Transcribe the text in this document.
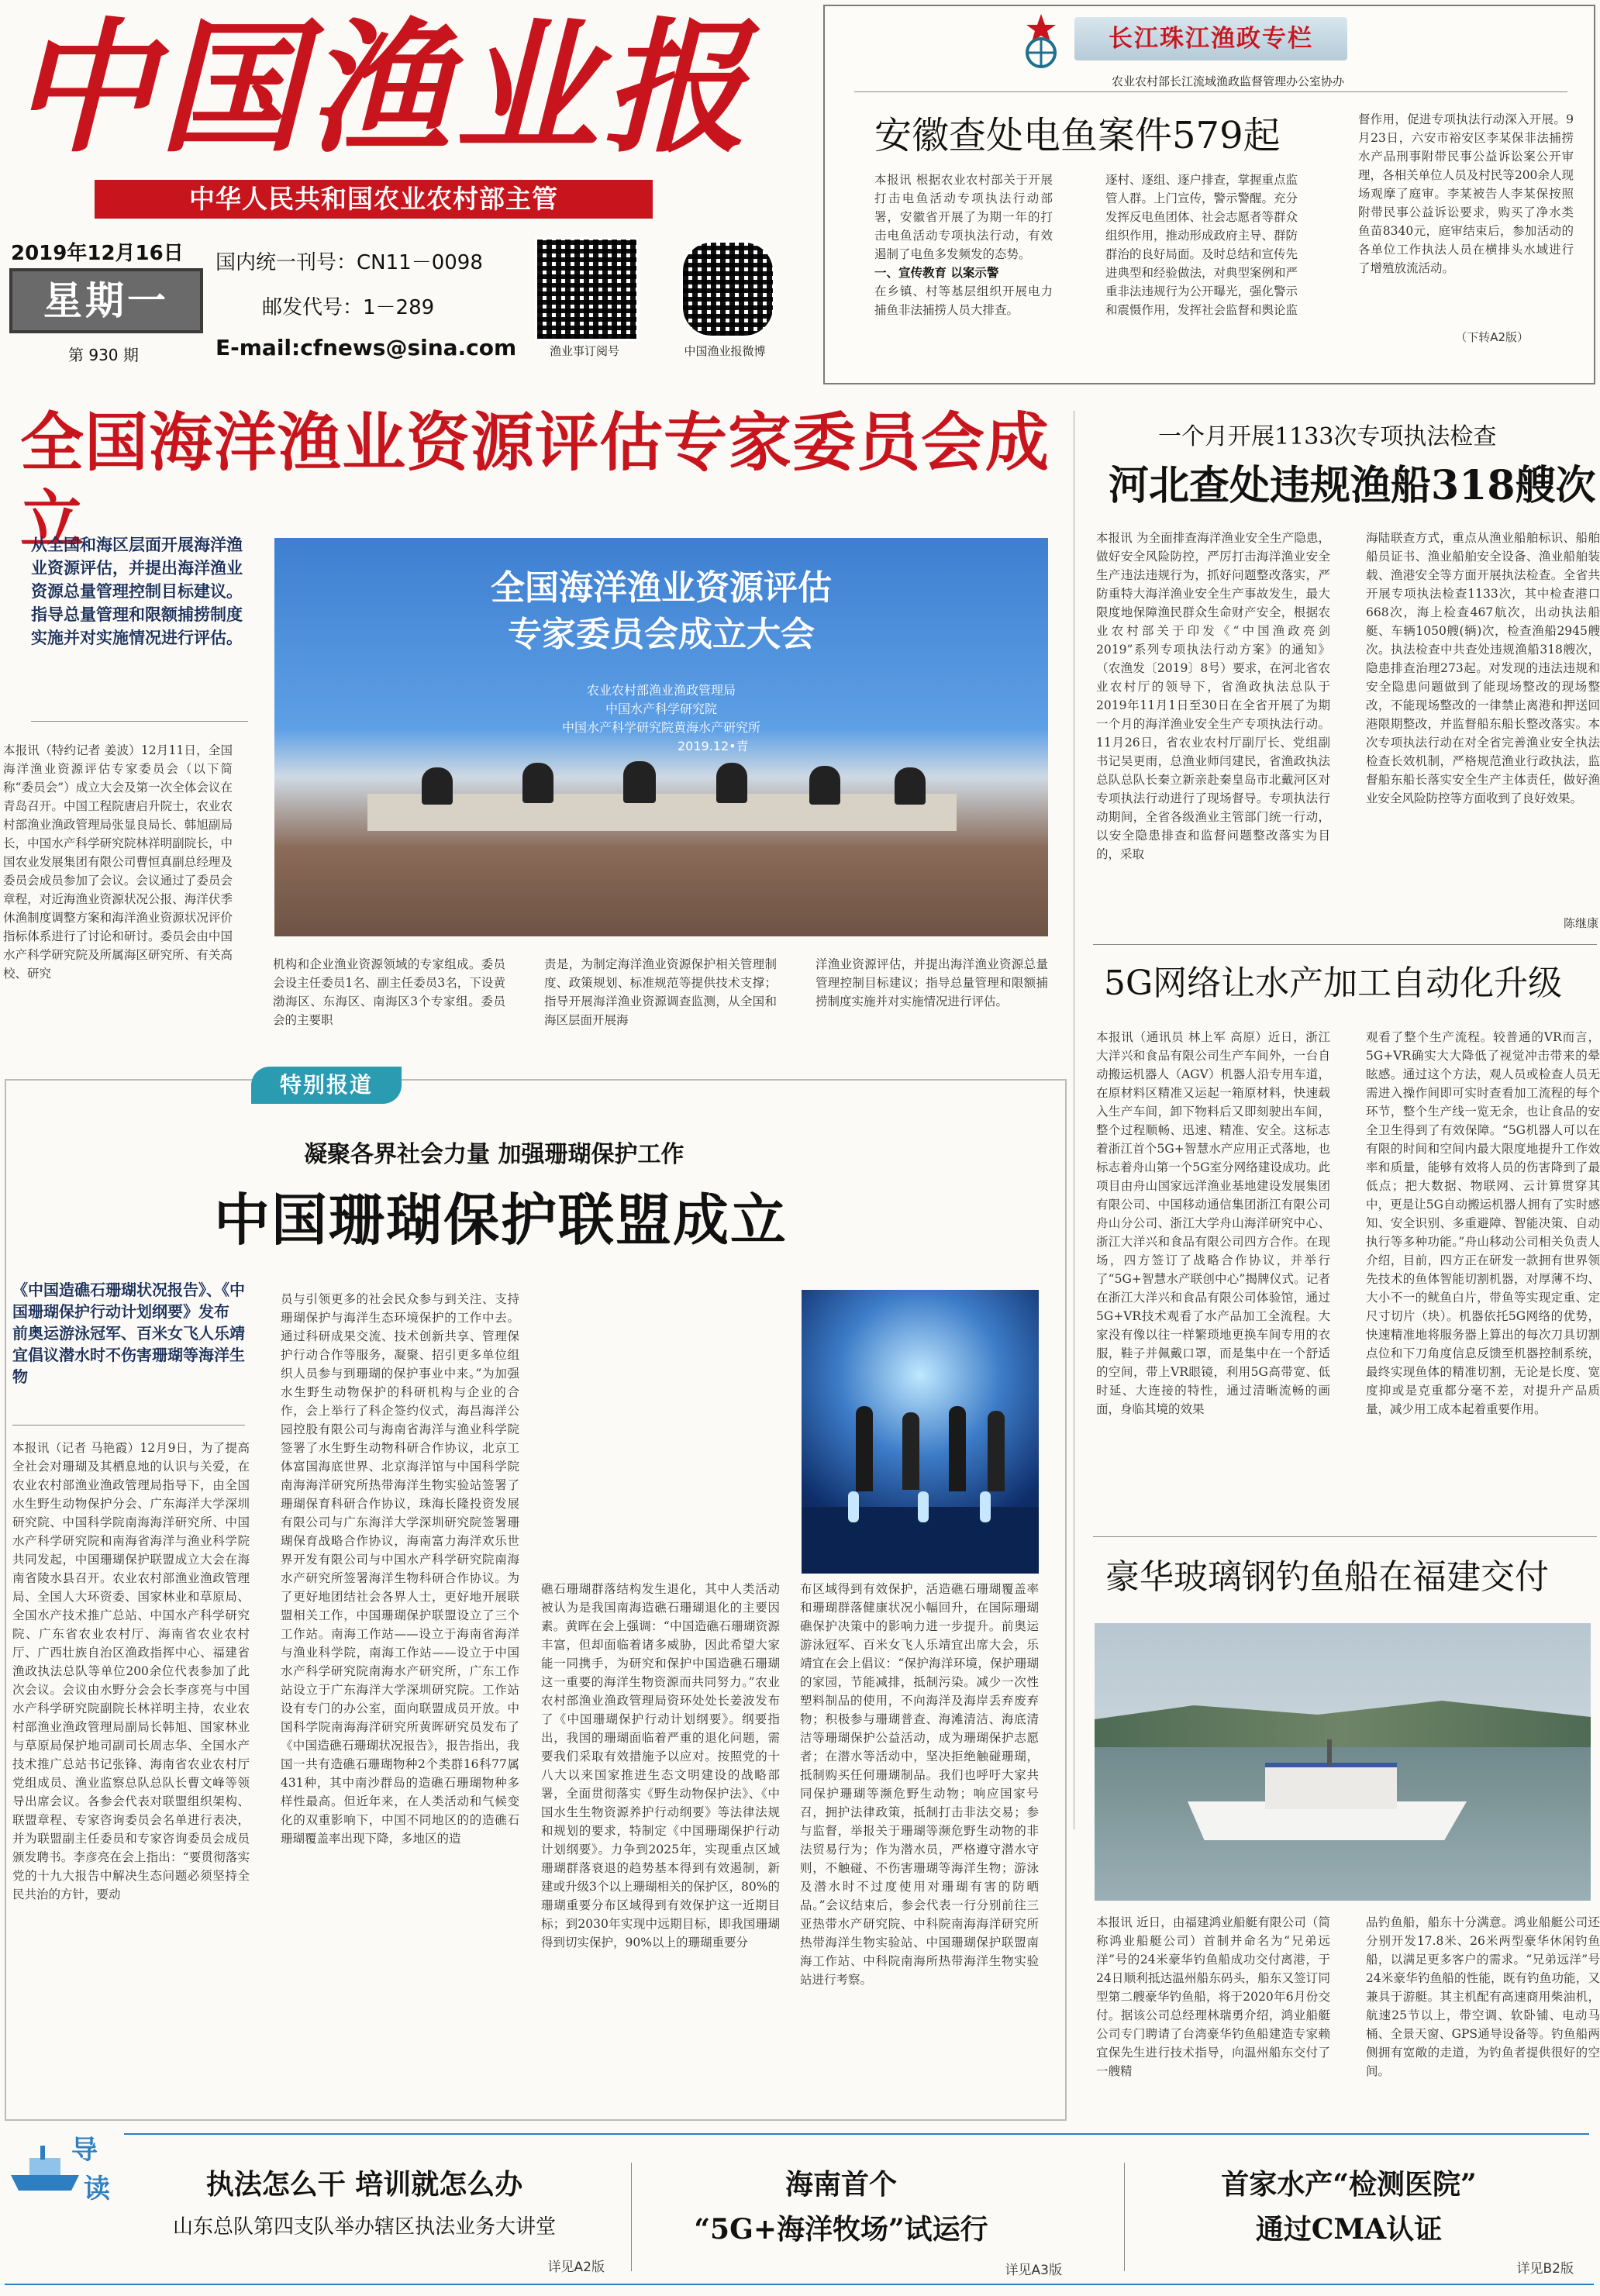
中国渔业报
中华人民共和国农业农村部主管
2019年12月16日
星期一
第 930 期
国内统一刊号：CN11－0098
邮发代号：1－289
E-mail:cfnews@sina.com	渔业事订阅号	中国渔业报微博
长江珠江渔政专栏
农业农村部长江流域渔政监督管理办公室协办
安徽查处电鱼案件579起
本报讯 根据农业农村部关于开展打击电鱼活动专项执法行动部署，安徽省开展了为期一年的打击电鱼活动专项执法行动，有效遏制了电鱼多发频发的态势。
一、宣传教育 以案示警
在乡镇、村等基层组织开展电力捕鱼非法捕捞人员大排查。
逐村、逐组、逐户排查，掌握重点监管人群。上门宣传，警示警醒。充分发挥反电鱼团体、社会志愿者等群众组织作用，推动形成政府主导、群防群治的良好局面。及时总结和宣传先进典型和经验做法，对典型案例和严重非法违规行为公开曝光，强化警示和震慑作用，发挥社会监督和舆论监
督作用，促进专项执法行动深入开展。9月23日，六安市裕安区李某保非法捕捞水产品刑事附带民事公益诉讼案公开审理，各相关单位人员及村民等200余人现场观摩了庭审。李某被告人李某保按照附带民事公益诉讼要求，购买了净水类鱼苗8340元，庭审结束后，参加活动的各单位工作执法人员在横排头水域进行了增殖放流活动。
（下转A2版）
全国海洋渔业资源评估专家委员会成立
从全国和海区层面开展海洋渔业资源评估，并提出海洋渔业资源总量管理控制目标建议。指导总量管理和限额捕捞制度实施并对实施情况进行评估。
全国海洋渔业资源评估
专家委员会成立大会
农业农村部渔业渔政管理局
中国水产科学研究院
中国水产科学研究院黄海水产研究所
2019.12•青
本报讯（特约记者 姜波）12月11日，全国海洋渔业资源评估专家委员会（以下简称“委员会”）成立大会及第一次全体会议在青岛召开。中国工程院唐启升院士，农业农村部渔业渔政管理局张显良局长、韩旭副局长，中国水产科学研究院林祥明副院长，中国农业发展集团有限公司曹恒真副总经理及委员会成员参加了会议。会议通过了委员会章程，对近海渔业资源状况公报、海洋伏季休渔制度调整方案和海洋渔业资源状况评价指标体系进行了讨论和研讨。委员会由中国水产科学研究院及所属海区研究所、有关高校、研究
机构和企业渔业资源领域的专家组成。委员会设主任委员1名、副主任委员3名，下设黄渤海区、东海区、南海区3个专家组。委员会的主要职
责是，为制定海洋渔业资源保护相关管理制度、政策规划、标准规范等提供技术支撑；指导开展海洋渔业资源调查监测，从全国和海区层面开展海
洋渔业资源评估，并提出海洋渔业资源总量管理控制目标建议；指导总量管理和限额捕捞制度实施并对实施情况进行评估。
一个月开展1133次专项执法检查
河北查处违规渔船318艘次
本报讯 为全面排查海洋渔业安全生产隐患，做好安全风险防控，严厉打击海洋渔业安全生产违法违规行为，抓好问题整改落实，严防重特大海洋渔业安全生产事故发生，最大限度地保障渔民群众生命财产安全，根据农业农村部关于印发《“中国渔政亮剑2019”系列专项执法行动方案》的通知》（农渔发〔2019〕8号）要求，在河北省农业农村厅的领导下，省渔政执法总队于2019年11月1日至30日在全省开展了为期一个月的海洋渔业安全生产专项执法行动。11月26日，省农业农村厅副厅长、党组副书记吴更雨，总渔业师闫建民，省渔政执法总队总队长秦立新亲赴秦皇岛市北戴河区对专项执法行动进行了现场督导。专项执法行动期间，全省各级渔业主管部门统一行动，以安全隐患排查和监督问题整改落实为目的，采取
海陆联查方式，重点从渔业船舶标识、船舶船员证书、渔业船舶安全设备、渔业船舶装载、渔港安全等方面开展执法检查。全省共开展专项执法检查1133次，其中检查港口668次，海上检查467航次，出动执法船艇、车辆1050艘(辆)次，检查渔船2945艘次。执法检查中共查处违规渔船318艘次，隐患排查治理273起。对发现的违法违规和安全隐患问题做到了能现场整改的现场整改，不能现场整改的一律禁止离港和押送回港限期整改，并监督船东船长整改落实。本次专项执法行动在对全省完善渔业安全执法检查长效机制，严格规范渔业行政执法，监督船东船长落实安全生产主体责任，做好渔业安全风险防控等方面收到了良好效果。
陈继康
5G网络让水产加工自动化升级
本报讯（通讯员 林上军 高原）近日，浙江大洋兴和食品有限公司生产车间外，一台自动搬运机器人（AGV）机器人沿专用车道，在原材料区精准又运起一箱原材料，快速载入生产车间，卸下物料后又即刻驶出车间，整个过程顺畅、迅速、精准、安全。这标志着浙江首个5G+智慧水产应用正式落地，也标志着舟山第一个5G室分网络建设成功。此项目由舟山国家远洋渔业基地建设发展集团有限公司、中国移动通信集团浙江有限公司舟山分公司、浙江大学舟山海洋研究中心、浙江大洋兴和食品有限公司四方合作。在现场，四方签订了战略合作协议，并举行了“5G+智慧水产联创中心”揭牌仪式。记者在浙江大洋兴和食品有限公司体验馆，通过5G+VR技术观看了水产品加工全流程。大家没有像以往一样繁琐地更换车间专用的衣服，鞋子并佩戴口罩，而是集中在一个舒适的空间，带上VR眼镜，利用5G高带宽、低时延、大连接的特性，通过清晰流畅的画面，身临其境的效果
观看了整个生产流程。较普通的VR而言，5G+VR确实大大降低了视觉冲击带来的晕眩感。通过这个方法，观人员或检查人员无需进入操作间即可实时查看加工流程的每个环节，整个生产线一览无余，也让食品的安全卫生得到了有效保障。“5G机器人可以在有限的时间和空间内最大限度地提升工作效率和质量，能够有效将人员的伤害降到了最低点；把大数据、物联网、云计算贯穿其中，更是让5G自动搬运机器人拥有了实时感知、安全识别、多重避障、智能决策、自动执行等多种功能。”舟山移动公司相关负责人介绍，目前，四方正在研发一款拥有世界领先技术的鱼体智能切割机器，对厚薄不均、大小不一的鱿鱼白片，带鱼等实现定重、定尺寸切片（块）。机器依托5G网络的优势，快速精准地将服务器上算出的每次刀具切割点位和下刀角度信息反馈至机器控制系统，最终实现鱼体的精准切割，无论是长度、宽度抑或是克重都分毫不差，对提升产品质量，减少用工成本起着重要作用。
豪华玻璃钢钓鱼船在福建交付
本报讯 近日，由福建鸿业船艇有限公司（简称鸿业船艇公司）首制并命名为“兄弟远洋”号的24米豪华钓鱼船成功交付离港，于24日顺利抵达温州船东码头，船东又签订同型第二艘豪华钓鱼船，将于2020年6月份交付。据该公司总经理林瑞勇介绍，鸿业船艇公司专门聘请了台湾豪华钓鱼船建造专家赖宜保先生进行技术指导，向温州船东交付了一艘精
品钓鱼船，船东十分满意。鸿业船艇公司还分别开发17.8米、26米两型豪华休闲钓鱼船，以满足更多客户的需求。“兄弟远洋”号24米豪华钓鱼船的性能，既有钓鱼功能，又兼具于游艇。其主机配有高速商用柴油机，航速25节以上，带空调、软卧铺、电动马桶、全景天窗、GPS通导设备等。钓鱼船两侧拥有宽敞的走道，为钓鱼者提供很好的空间。
特别报道
凝聚各界社会力量 加强珊瑚保护工作
中国珊瑚保护联盟成立
《中国造礁石珊瑚状况报告》、《中国珊瑚保护行动计划纲要》发布 前奥运游泳冠军、百米女飞人乐靖宜倡议潜水时不伤害珊瑚等海洋生物
本报讯（记者 马艳霞）12月9日，为了提高全社会对珊瑚及其栖息地的认识与关爱，在农业农村部渔业渔政管理局指导下，由全国水生野生动物保护分会、广东海洋大学深圳研究院、中国科学院南海海洋研究所、中国水产科学研究院和南海省海洋与渔业科学院共同发起，中国珊瑚保护联盟成立大会在海南省陵水县召开。农业农村部渔业渔政管理局、全国人大环资委、国家林业和草原局、全国水产技术推广总站、中国水产科学研究院、广东省农业农村厅、海南省农业农村厅、广西壮族自治区渔政指挥中心、福建省渔政执法总队等单位200余位代表参加了此次会议。会议由水野分会会长李彦亮与中国水产科学研究院副院长林祥明主持，农业农村部渔业渔政管理局副局长韩旭、国家林业与草原局保护地司副司长周志华、全国水产技术推广总站书记张锋、海南省农业农村厅党组成员、渔业监察总队总队长曹文峰等领导出席会议。各参会代表对联盟组织架构、联盟章程、专家咨询委员会名单进行表决，并为联盟副主任委员和专家咨询委员会成员颁发聘书。李彦亮在会上指出：“要贯彻落实党的十九大报告中解决生态问题必须坚持全民共治的方针，要动
员与引领更多的社会民众参与到关注、支持珊瑚保护与海洋生态环境保护的工作中去。通过科研成果交流、技术创新共享、管理保护行动合作等服务，凝聚、招引更多单位组织人员参与到珊瑚的保护事业中来。”为加强水生野生动物保护的科研机构与企业的合作，会上举行了科企签约仪式，海昌海洋公园控股有限公司与海南省海洋与渔业科学院签署了水生野生动物科研合作协议，北京工体富国海底世界、北京海洋馆与中国科学院南海海洋研究所热带海洋生物实验站签署了珊瑚保育科研合作协议，珠海长隆投资发展有限公司与广东海洋大学深圳研究院签署珊瑚保育战略合作协议，海南富力海洋欢乐世界开发有限公司与中国水产科学研究院南海水产研究所签署海洋生物科研合作协议。为了更好地团结社会各界人士，更好地开展联盟相关工作，中国珊瑚保护联盟设立了三个工作站。南海工作站——设立于海南省海洋与渔业科学院，南海工作站——设立于中国水产科学研究院南海水产研究所，广东工作站设立于广东海洋大学深圳研究院。工作站设有专门的办公室，面向联盟成员开放。中国科学院南海海洋研究所黄晖研究员发布了《中国造礁石珊瑚状况报告》，报告指出，我国一共有造礁石珊瑚物种2个类群16科77属431种，其中南沙群岛的造礁石珊瑚物种多样性最高。但近年来，在人类活动和气候变化的双重影响下，中国不同地区的的造礁石珊瑚覆盖率出现下降，多地区的造
礁石珊瑚群落结构发生退化，其中人类活动被认为是我国南海造礁石珊瑚退化的主要因素。黄晖在会上强调：“中国造礁石珊瑚资源丰富，但却面临着诸多威胁，因此希望大家能一同携手，为研究和保护中国造礁石珊瑚这一重要的海洋生物资源而共同努力。”农业农村部渔业渔政管理局资环处处长姜波发布了《中国珊瑚保护行动计划纲要》。纲要指出，我国的珊瑚面临着严重的退化问题，需要我们采取有效措施予以应对。按照党的十八大以来国家推进生态文明建设的战略部署，全面贯彻落实《野生动物保护法》、《中国水生生物资源养护行动纲要》等法律法规和规划的要求，特制定《中国珊瑚保护行动计划纲要》。力争到2025年，实现重点区域珊瑚群落衰退的趋势基本得到有效遏制，新建或升级3个以上珊瑚相关的保护区，80%的珊瑚重要分布区域得到有效保护这一近期目标；到2030年实现中远期目标，即我国珊瑚得到切实保护，90%以上的珊瑚重要分
布区域得到有效保护，活造礁石珊瑚覆盖率和珊瑚群落健康状况小幅回升，在国际珊瑚礁保护决策中的影响力进一步提升。前奥运游泳冠军、百米女飞人乐靖宜出席大会，乐靖宜在会上倡议：“保护海洋环境，保护珊瑚的家园，节能减排，抵制污染。减少一次性塑料制品的使用，不向海洋及海岸丢弃废弃物；积极参与珊瑚普查、海滩清洁、海底清洁等珊瑚保护公益活动，成为珊瑚保护志愿者；在潜水等活动中，坚决拒绝触碰珊瑚，抵制购买任何珊瑚制品。我们也呼吁大家共同保护珊瑚等濒危野生动物；响应国家号召，拥护法律政策，抵制打击非法交易；参与监督，举报关于珊瑚等濒危野生动物的非法贸易行为；作为潜水员，严格遵守潜水守则，不触碰、不伤害珊瑚等海洋生物；游泳及潜水时不过度使用对珊瑚有害的防晒品。”会议结束后，参会代表一行分别前往三亚热带水产研究院、中科院南海海洋研究所热带海洋生物实验站、中国珊瑚保护联盟南海工作站、中科院南海所热带海洋生物实验站进行考察。
导
读	执法怎么干 培训就怎么办
山东总队第四支队举办辖区执法业务大讲堂
详见A2版
海南首个
“5G+海洋牧场”试运行
详见A3版
首家水产“检测医院”
通过CMA认证
详见B2版
